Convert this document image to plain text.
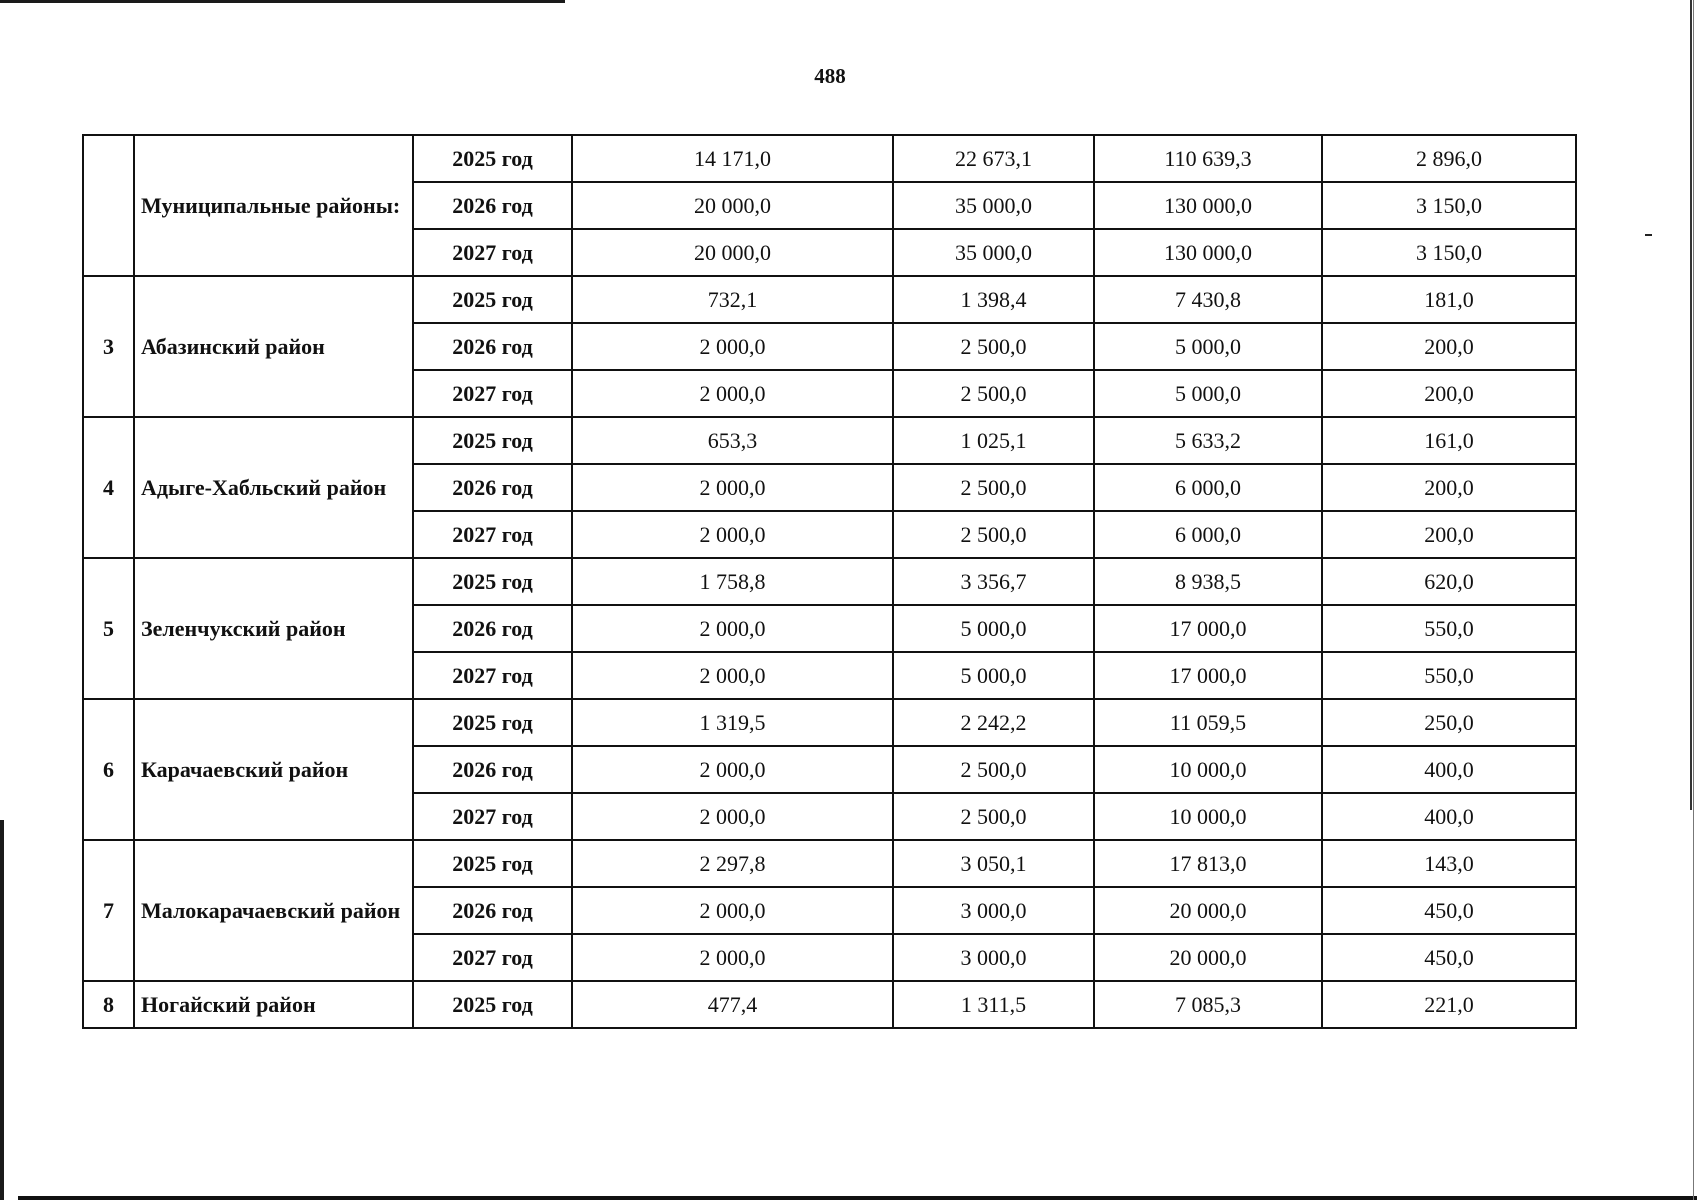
488
	Муниципальные районы:	2025 год	14 171,0	22 673,1	110 639,3	2 896,0
		2026 год	20 000,0	35 000,0	130 000,0	3 150,0
		2027 год	20 000,0	35 000,0	130 000,0	3 150,0
3	Абазинский район	2025 год	732,1	1 398,4	7 430,8	181,0
		2026 год	2 000,0	2 500,0	5 000,0	200,0
		2027 год	2 000,0	2 500,0	5 000,0	200,0
4	Адыге-Хабльский район	2025 год	653,3	1 025,1	5 633,2	161,0
		2026 год	2 000,0	2 500,0	6 000,0	200,0
		2027 год	2 000,0	2 500,0	6 000,0	200,0
5	Зеленчукский район	2025 год	1 758,8	3 356,7	8 938,5	620,0
		2026 год	2 000,0	5 000,0	17 000,0	550,0
		2027 год	2 000,0	5 000,0	17 000,0	550,0
6	Карачаевский район	2025 год	1 319,5	2 242,2	11 059,5	250,0
		2026 год	2 000,0	2 500,0	10 000,0	400,0
		2027 год	2 000,0	2 500,0	10 000,0	400,0
7	Малокарачаевский район	2025 год	2 297,8	3 050,1	17 813,0	143,0
		2026 год	2 000,0	3 000,0	20 000,0	450,0
		2027 год	2 000,0	3 000,0	20 000,0	450,0
8	Ногайский район	2025 год	477,4	1 311,5	7 085,3	221,0
